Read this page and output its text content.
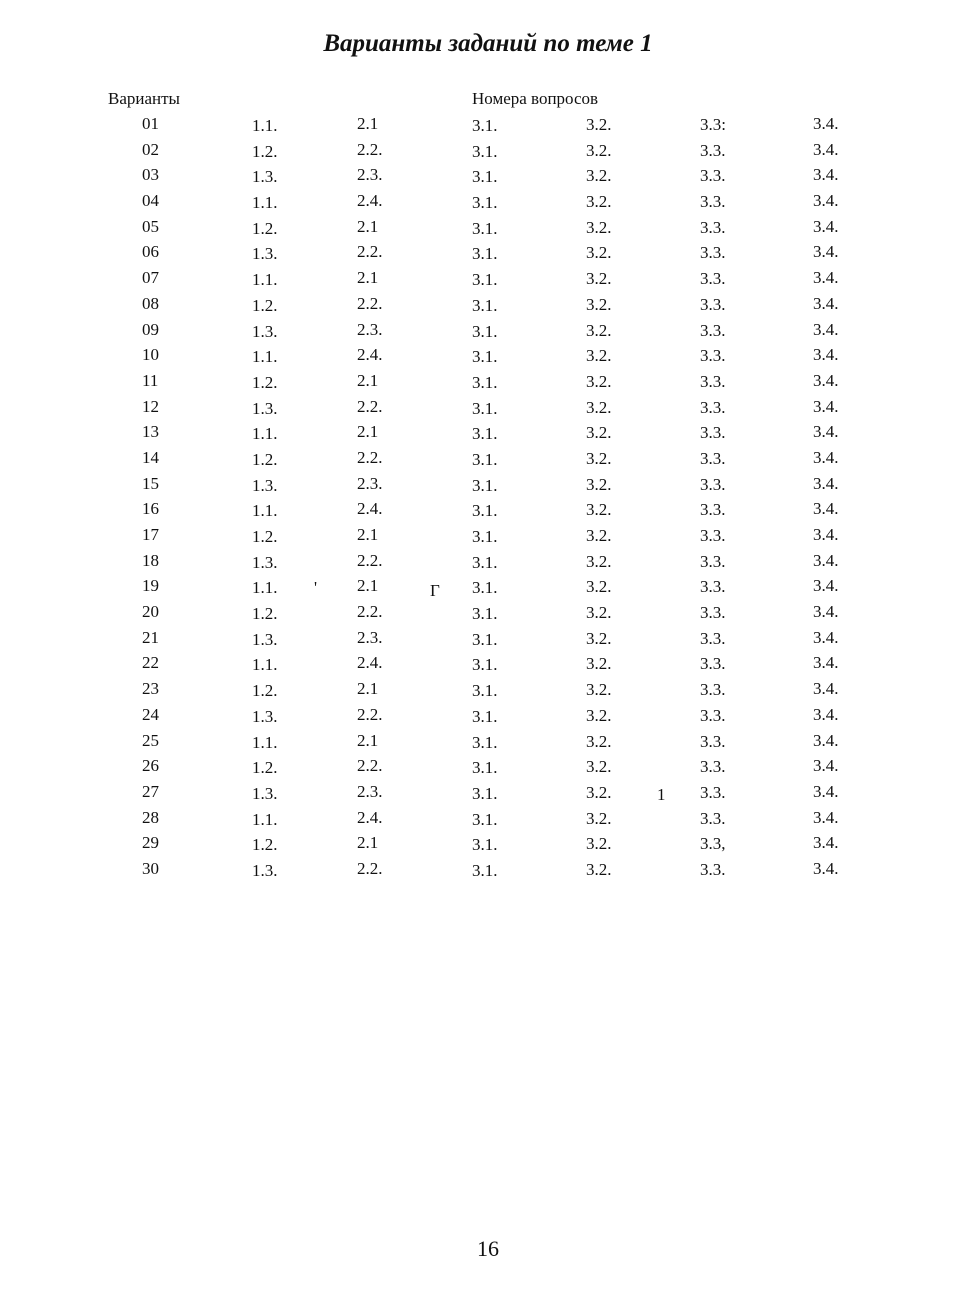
Варианты заданий по теме 1
Варианты	Номера вопросов
01	1.1.	2.1	3.1.	3.2.	3.3:	3.4.
02	1.2.	2.2.	3.1.	3.2.	3.3.	3.4.
03	1.3.	2.3.	3.1.	3.2.	3.3.	3.4.
04	1.1.	2.4.	3.1.	3.2.	3.3.	3.4.
05	1.2.	2.1	3.1.	3.2.	3.3.	3.4.
06	1.3.	2.2.	3.1.	3.2.	3.3.	3.4.
07	1.1.	2.1	3.1.	3.2.	3.3.	3.4.
08	1.2.	2.2.	3.1.	3.2.	3.3.	3.4.
09	1.3.	2.3.	3.1.	3.2.	3.3.	3.4.
10	1.1.	2.4.	3.1.	3.2.	3.3.	3.4.
11	1.2.	2.1	3.1.	3.2.	3.3.	3.4.
12	1.3.	2.2.	3.1.	3.2.	3.3.	3.4.
13	1.1.	2.1	3.1.	3.2.	3.3.	3.4.
14	1.2.	2.2.	3.1.	3.2.	3.3.	3.4.
15	1.3.	2.3.	3.1.	3.2.	3.3.	3.4.
16	1.1.	2.4.	3.1.	3.2.	3.3.	3.4.
17	1.2.	2.1	3.1.	3.2.	3.3.	3.4.
18	1.3.	2.2.	3.1.	3.2.	3.3.	3.4.
19	1.1.	2.1	3.1.	3.2.	3.3.	3.4.
20	1.2.	2.2.	3.1.	3.2.	3.3.	3.4.
21	1.3.	2.3.	3.1.	3.2.	3.3.	3.4.
22	1.1.	2.4.	3.1.	3.2.	3.3.	3.4.
23	1.2.	2.1	3.1.	3.2.	3.3.	3.4.
24	1.3.	2.2.	3.1.	3.2.	3.3.	3.4.
25	1.1.	2.1	3.1.	3.2.	3.3.	3.4.
26	1.2.	2.2.	3.1.	3.2.	3.3.	3.4.
27	1.3.	2.3.	3.1.	3.2.	3.3.	3.4.
28	1.1.	2.4.	3.1.	3.2.	3.3.	3.4.
29	1.2.	2.1	3.1.	3.2.	3.3,	3.4.
30	1.3.	2.2.	3.1.	3.2.	3.3.	3.4.
'	Г
1
16
